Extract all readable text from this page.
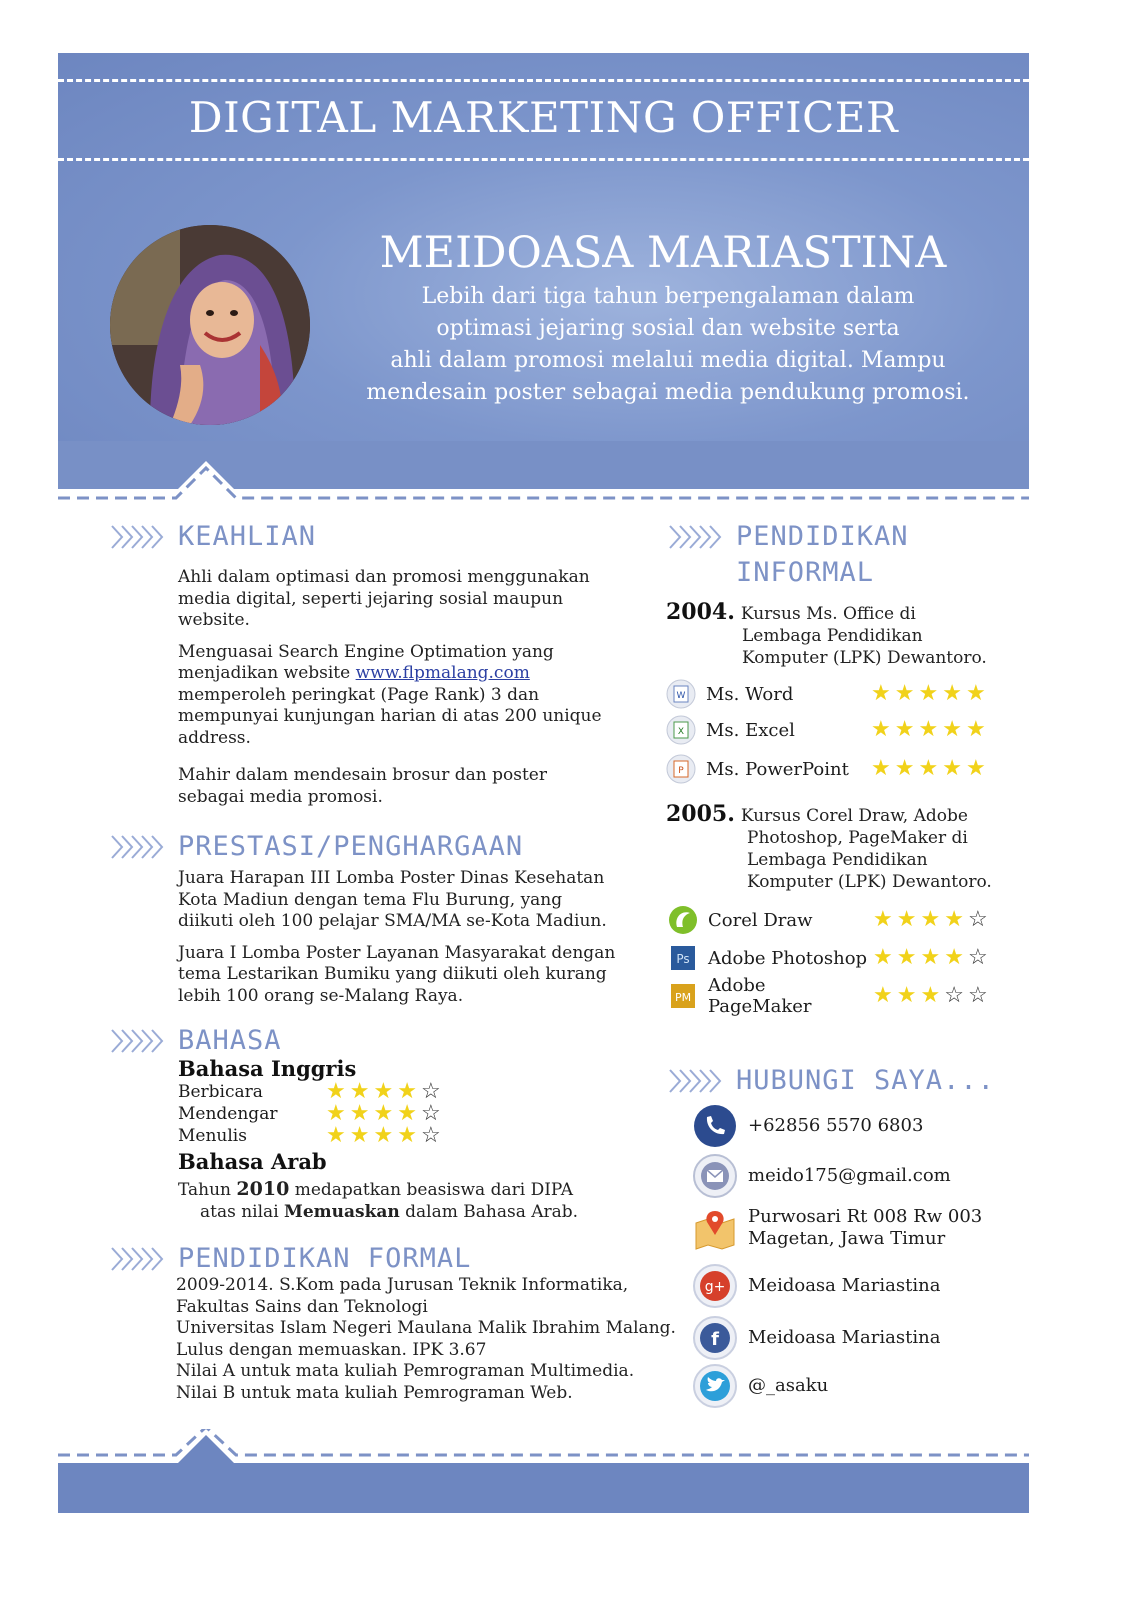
DIGITAL MARKETING OFFICER
MEIDOASA MARIASTINA
Lebih dari tiga tahun berpengalaman dalam
optimasi jejaring sosial dan website serta
ahli dalam promosi melalui media digital. Mampu
mendesain poster sebagai media pendukung promosi.
KEAHLIAN

Ahli dalam optimasi dan promosi menggunakan media digital, seperti jejaring sosial maupun website.

Menguasai Search Engine Optimation yang menjadikan website www.flpmalang.com memperoleh peringkat (Page Rank) 3 dan mempunyai kunjungan harian di atas 200 unique address.

Mahir dalam mendesain brosur dan poster sebagai media promosi.

PRESTASI/PENGHARGAAN

Juara Harapan III Lomba Poster Dinas Kesehatan Kota Madiun dengan tema Flu Burung, yang diikuti oleh 100 pelajar SMA/MA se-Kota Madiun.

Juara I Lomba Poster Layanan Masyarakat dengan tema Lestarikan Bumiku yang diikuti oleh kurang lebih 100 orang se-Malang Raya.

BAHASA
Bahasa Inggris
Berbicara	★ ★ ★ ★ ☆
Mendengar	★ ★ ★ ★ ☆
Menulis	★ ★ ★ ★ ☆
Bahasa Arab
Tahun 2010 medapatkan beasiswa dari DIPA
atas nilai Memuaskan dalam Bahasa Arab.
PENDIDIKAN FORMAL
2009-2014. S.Kom pada Jurusan Teknik Informatika,
Fakultas Sains dan Teknologi
Universitas Islam Negeri Maulana Malik Ibrahim Malang.
Lulus dengan memuaskan. IPK 3.67
Nilai A untuk mata kuliah Pemrograman Multimedia.
Nilai B untuk mata kuliah Pemrograman Web.
PENDIDIKAN
INFORMAL
2004. Kursus Ms. Office di
Lembaga Pendidikan
Komputer (LPK) Dewantoro.
W Ms. Word	★ ★ ★ ★ ★
X Ms. Excel	★ ★ ★ ★ ★
P Ms. PowerPoint	★ ★ ★ ★ ★
2005. Kursus Corel Draw, Adobe
Photoshop, PageMaker di
Lembaga Pendidikan
Komputer (LPK) Dewantoro.
Corel Draw	★ ★ ★ ★ ☆
Ps Adobe Photoshop ★ ★ ★ ★ ☆
PM
Adobe PageMaker	★ ★ ★ ☆ ☆
HUBUNGI SAYA...
+62856 5570 6803
meido175@gmail.com
Purwosari Rt 008 Rw 003
Magetan, Jawa Timur
g+ Meidoasa Mariastina
f Meidoasa Mariastina
@_asaku
